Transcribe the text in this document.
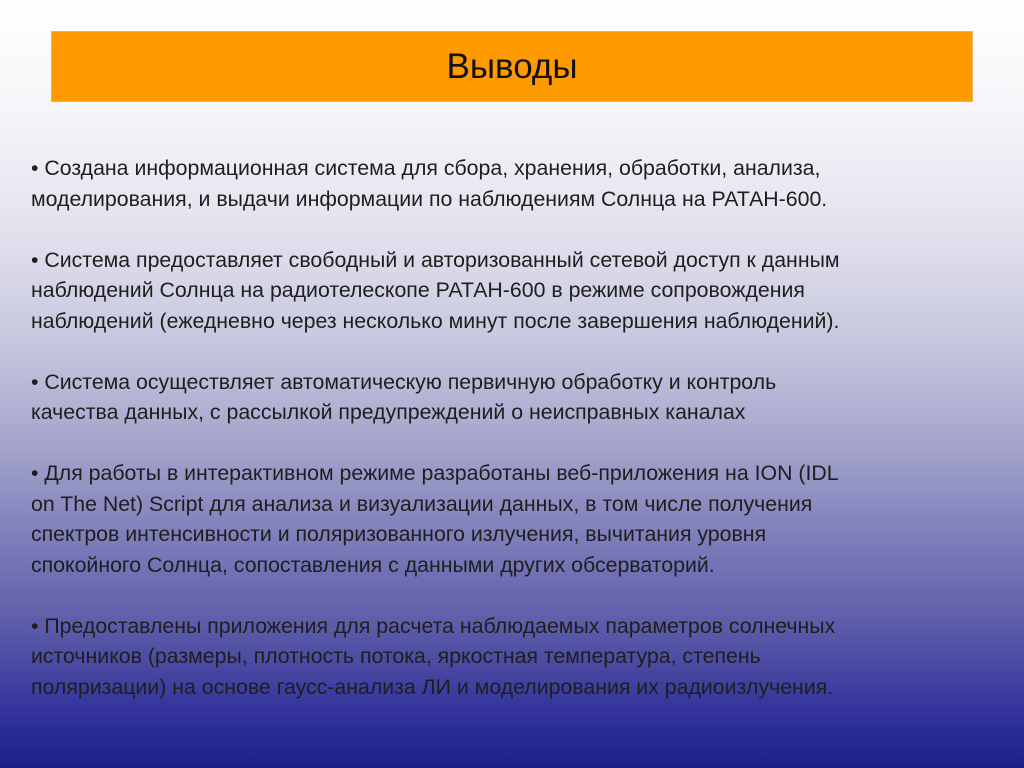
Выводы

• Создана информационная система для сбора, хранения, обработки, анализа,
моделирования, и выдачи информации по наблюдениям Солнца на РАТАН-600.

• Система предоставляет свободный и авторизованный сетевой доступ к данным
наблюдений Солнца на радиотелескопе РАТАН-600 в режиме сопровождения
наблюдений (ежедневно через несколько минут после завершения наблюдений).

• Система осуществляет автоматическую первичную обработку и контроль
качества данных, с рассылкой предупреждений о неисправных каналах

• Для работы в интерактивном режиме разработаны веб-приложения на ION (IDL
on The Net) Script для анализа и визуализации данных, в том числе получения
спектров интенсивности и поляризованного излучения, вычитания уровня
спокойного Солнца, сопоставления с данными других обсерваторий.

• Предоставлены приложения для расчета наблюдаемых параметров солнечных
источников (размеры, плотность потока, яркостная температура, степень
поляризации) на основе гаусс-анализа ЛИ и моделирования их радиоизлучения.
